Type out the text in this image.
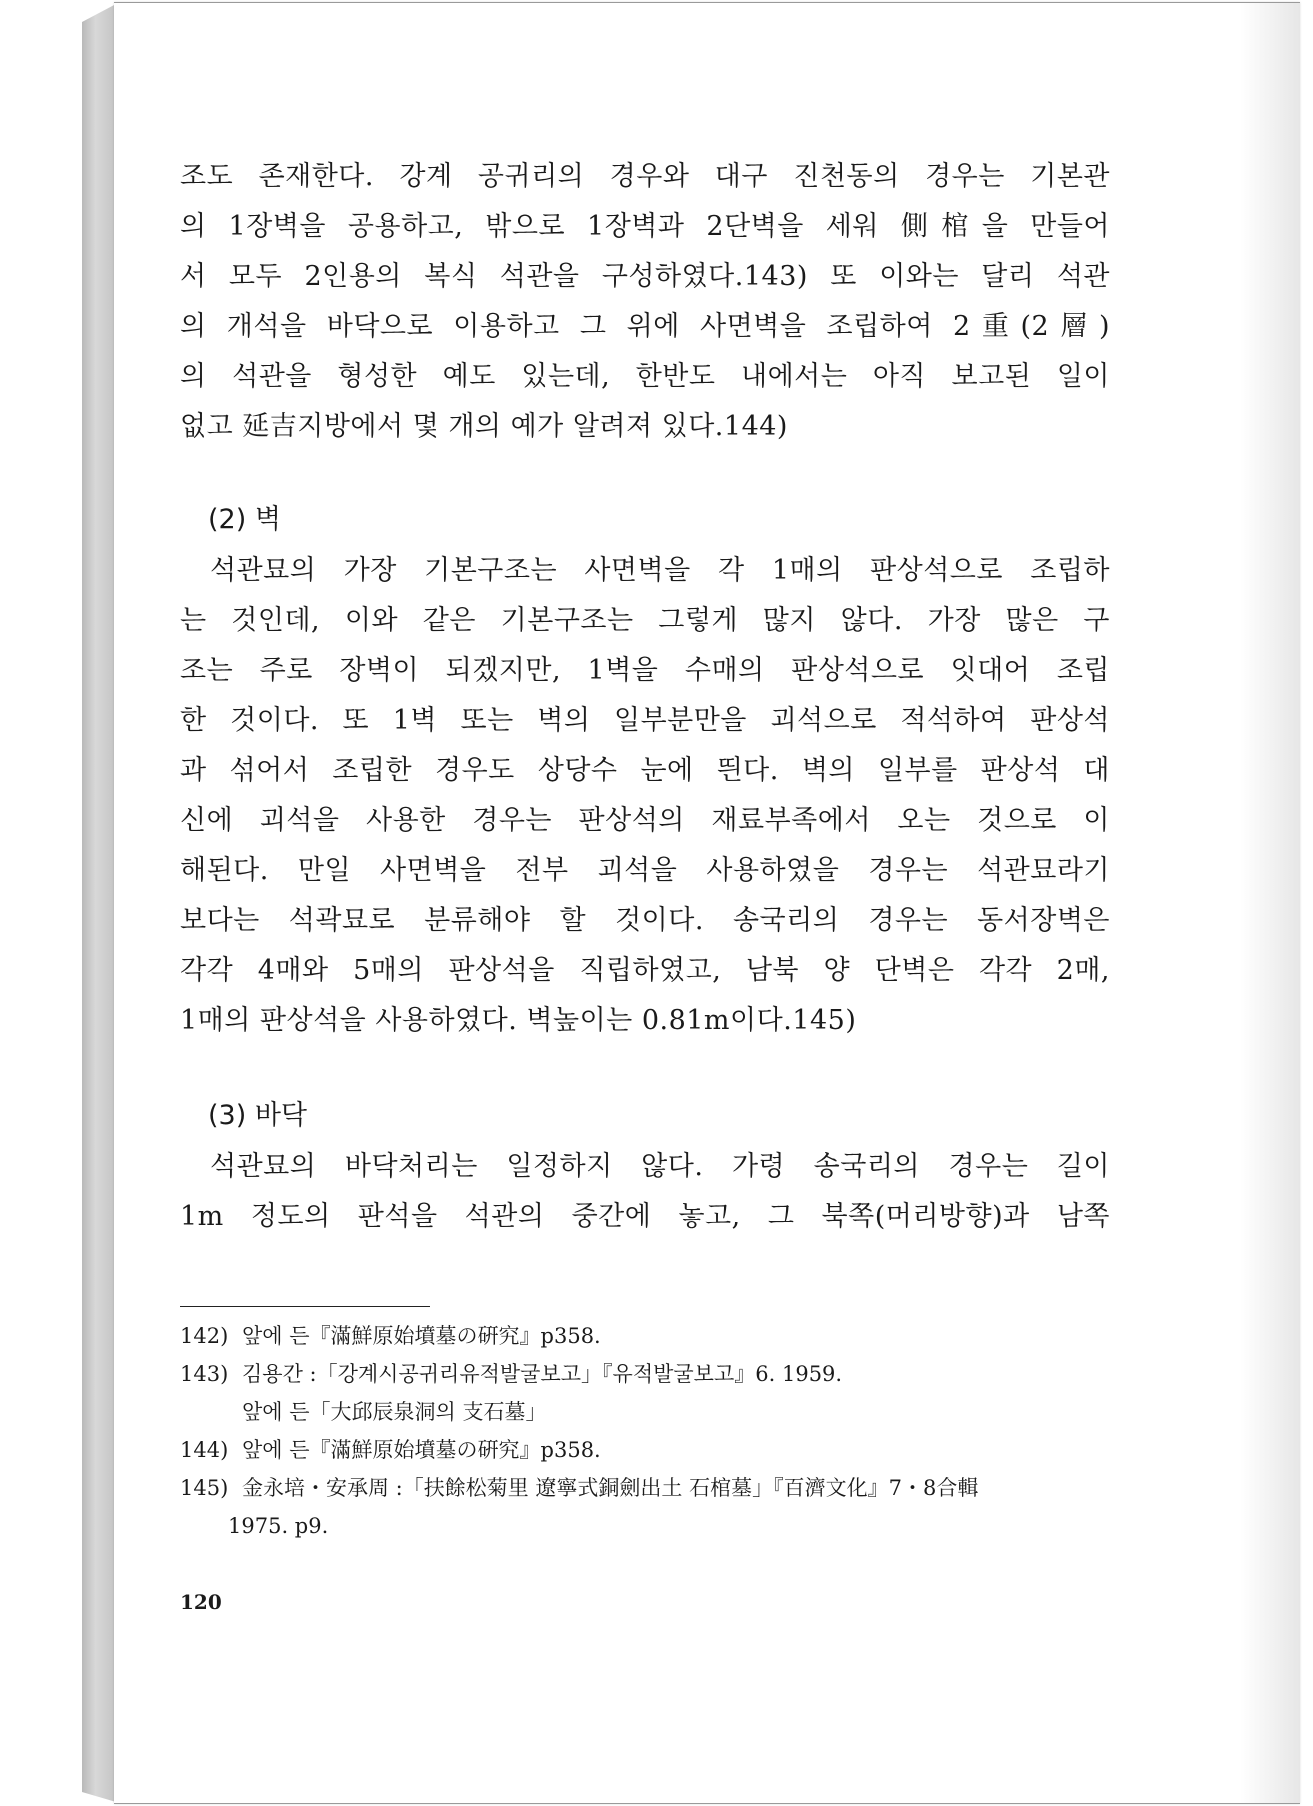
조도 존재한다. 강계 공귀리의 경우와 대구 진천동의 경우는 기본관
의 1장벽을 공용하고, 밖으로 1장벽과 2단벽을 세워 側棺을 만들어
서 모두 2인용의 복식 석관을 구성하였다.143) 또 이와는 달리 석관
의 개석을 바닥으로 이용하고 그 위에 사면벽을 조립하여 2重(2層)
의 석관을 형성한 예도 있는데, 한반도 내에서는 아직 보고된 일이
없고 延吉지방에서 몇 개의 예가 알려져 있다.144)
(2) 벽
석관묘의 가장 기본구조는 사면벽을 각 1매의 판상석으로 조립하
는 것인데, 이와 같은 기본구조는 그렇게 많지 않다. 가장 많은 구
조는 주로 장벽이 되겠지만, 1벽을 수매의 판상석으로 잇대어 조립
한 것이다. 또 1벽 또는 벽의 일부분만을 괴석으로 적석하여 판상석
과 섞어서 조립한 경우도 상당수 눈에 띈다. 벽의 일부를 판상석 대
신에 괴석을 사용한 경우는 판상석의 재료부족에서 오는 것으로 이
해된다. 만일 사면벽을 전부 괴석을 사용하였을 경우는 석관묘라기
보다는 석곽묘로 분류해야 할 것이다. 송국리의 경우는 동서장벽은
각각 4매와 5매의 판상석을 직립하였고, 남북 양 단벽은 각각 2매,
1매의 판상석을 사용하였다. 벽높이는 0.81m이다.145)
(3) 바닥
석관묘의 바닥처리는 일정하지 않다. 가령 송국리의 경우는 길이
1m 정도의 판석을 석관의 중간에 놓고, 그 북쪽(머리방향)과 남쪽
142) 앞에 든『滿鮮原始墳墓の硏究』p358.
143) 김용간 :「강계시공귀리유적발굴보고」『유적발굴보고』6. 1959.
앞에 든「大邱辰泉洞의 支石墓」
144) 앞에 든『滿鮮原始墳墓の硏究』p358.
145) 金永培・安承周 :「扶餘松菊里 遼寧式銅劍出土 石棺墓」『百濟文化』7・8合輯
1975. p9.
120
